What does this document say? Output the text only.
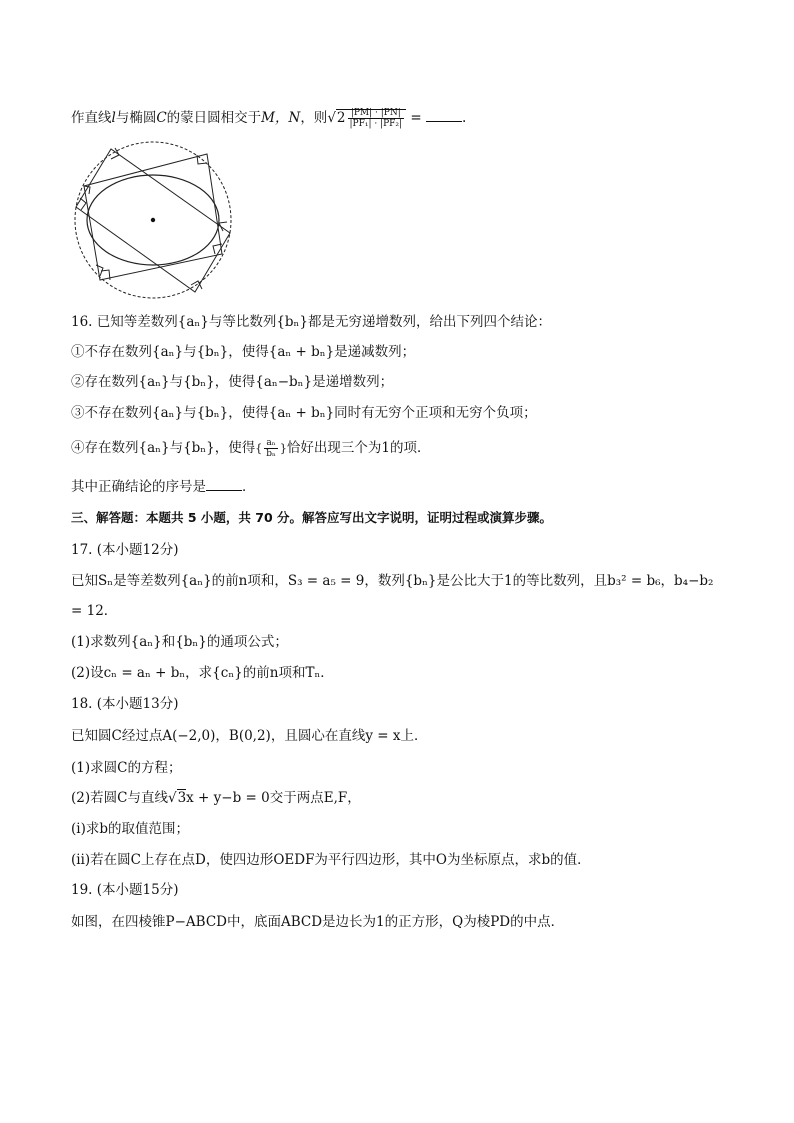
作直线l与椭圆C的蒙日圆相交于M，N，则$√2 \frac{|PM| \cdot |PN|}{\text{|PF₁| · |PF₂|}}$ =	.
16. 已知等差数列{aₙ}与等比数列{bₙ}都是无穷递增数列，给出下列四个结论：
①不存在数列{aₙ}与{bₙ}，使得{aₙ + bₙ}是递减数列；
②存在数列{aₙ}与{bₙ}，使得{aₙ−bₙ}是递增数列；
③不存在数列{aₙ}与{bₙ}，使得{aₙ + bₙ}同时有无穷个正项和无穷个负项；
④存在数列{aₙ}与{bₙ}，使得{ $\frac{\text{aₙ}}{\text{bₙ}}$ }恰好出现三个为1的项．
其中正确结论的序号是	．
三、解答题：本题共 5 小题，共 70 分。解答应写出文字说明，证明过程或演算步骤。
17. (本小题12分)
已知Sₙ是等差数列{aₙ}的前n项和，S₃ = a₅ = 9，数列{bₙ}是公比大于1的等比数列，且b₃² = b₆，b₄−b₂
= 12．
(1)求数列{aₙ}和{bₙ}的通项公式；
(2)设cₙ = aₙ + bₙ，求{cₙ}的前n项和Tₙ．
18. (本小题13分)
已知圆C经过点A(−2,0)，B(0,2)，且圆心在直线y = x上．
(1)求圆C的方程；
(2)若圆C与直线√3x + y−b = 0交于两点E,F，
(ⅰ)求b的取值范围；
(ⅱ)若在圆C上存在点D，使四边形OEDF为平行四边形，其中O为坐标原点，求b的值．
19. (本小题15分)
如图，在四棱锥P−ABCD中，底面ABCD是边长为1的正方形，Q为棱PD的中点．
